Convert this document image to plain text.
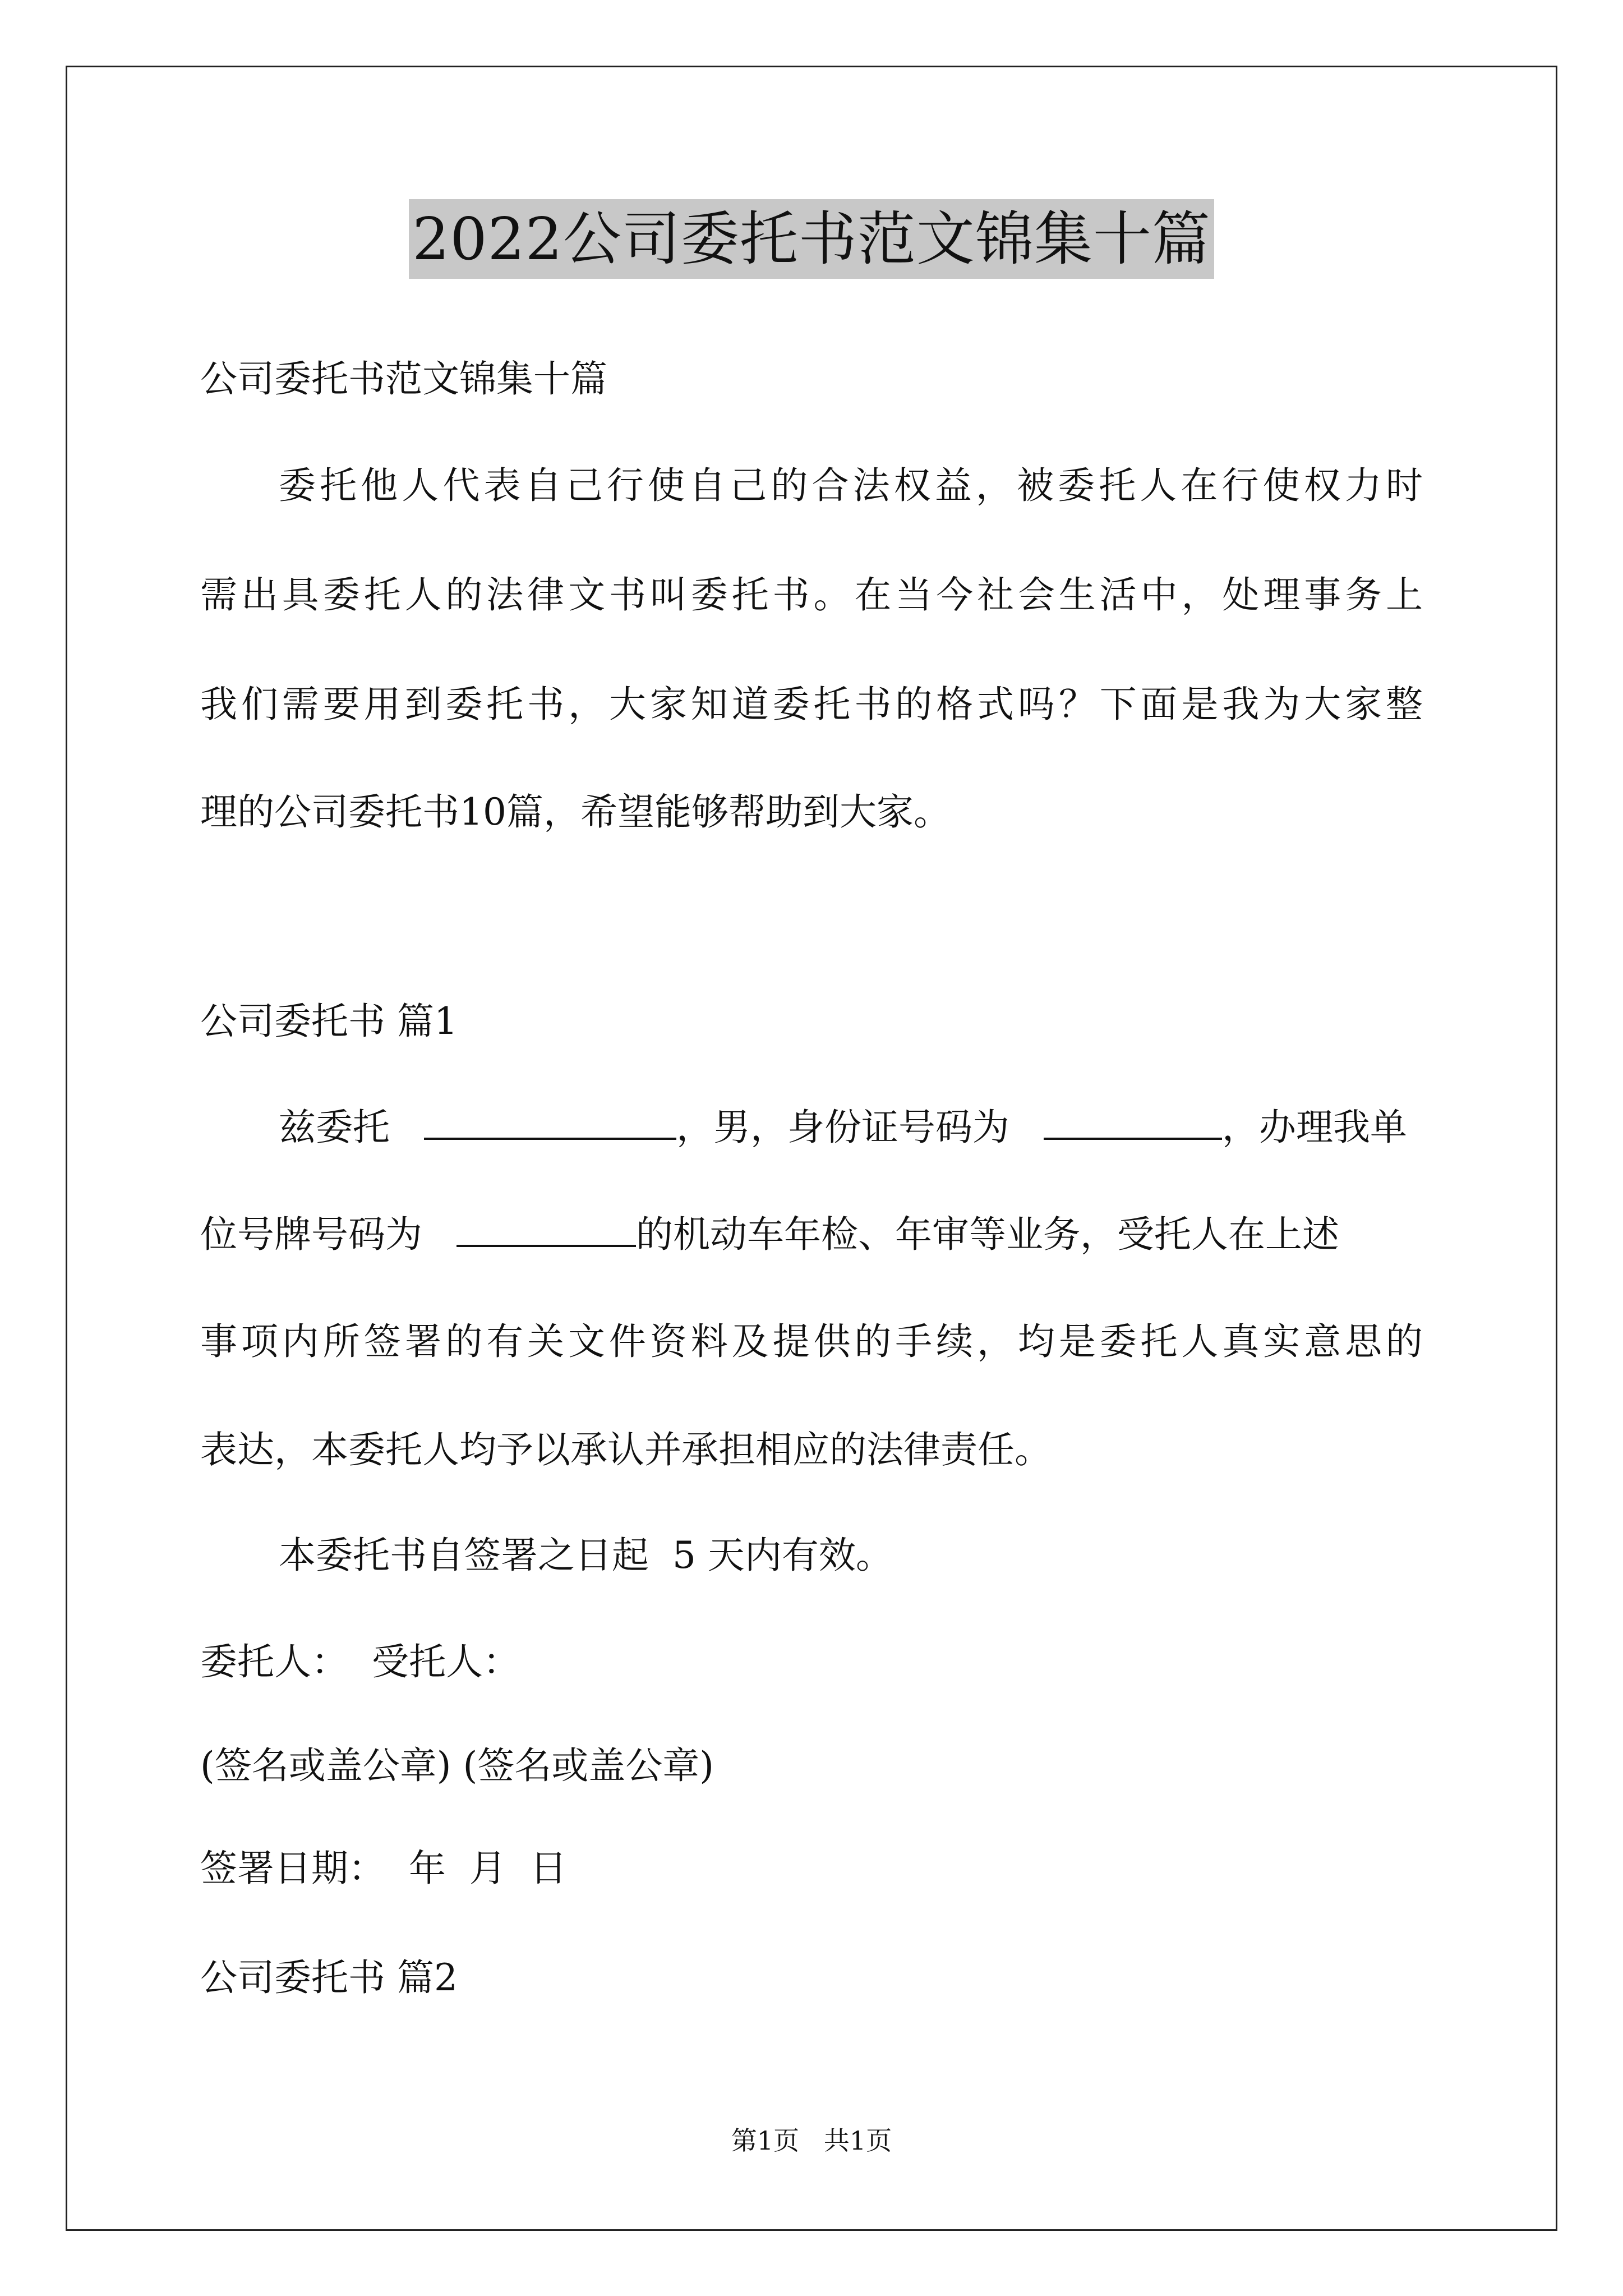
2022公司委托书范文锦集十篇
公司委托书范文锦集十篇
委托他人代表自己行使自己的合法权益，被委托人在行使权力时
需出具委托人的法律文书叫委托书。在当今社会生活中，处理事务上
我们需要用到委托书，大家知道委托书的格式吗？下面是我为大家整
理的公司委托书10篇，希望能够帮助到大家。
公司委托书 篇1
兹委托	，男，身份证号码为	，办理我单
位号牌号码为	的机动车年检、年审等业务，受托人在上述
事项内所签署的有关文件资料及提供的手续，均是委托人真实意思的
表达，本委托人均予以承认并承担相应的法律责任。
本委托书自签署之日起  5 天内有效。
委托人：  受托人：
(签名或盖公章) (签名或盖公章)
签署日期：  年  月  日
公司委托书 篇2
第1页   共1页
